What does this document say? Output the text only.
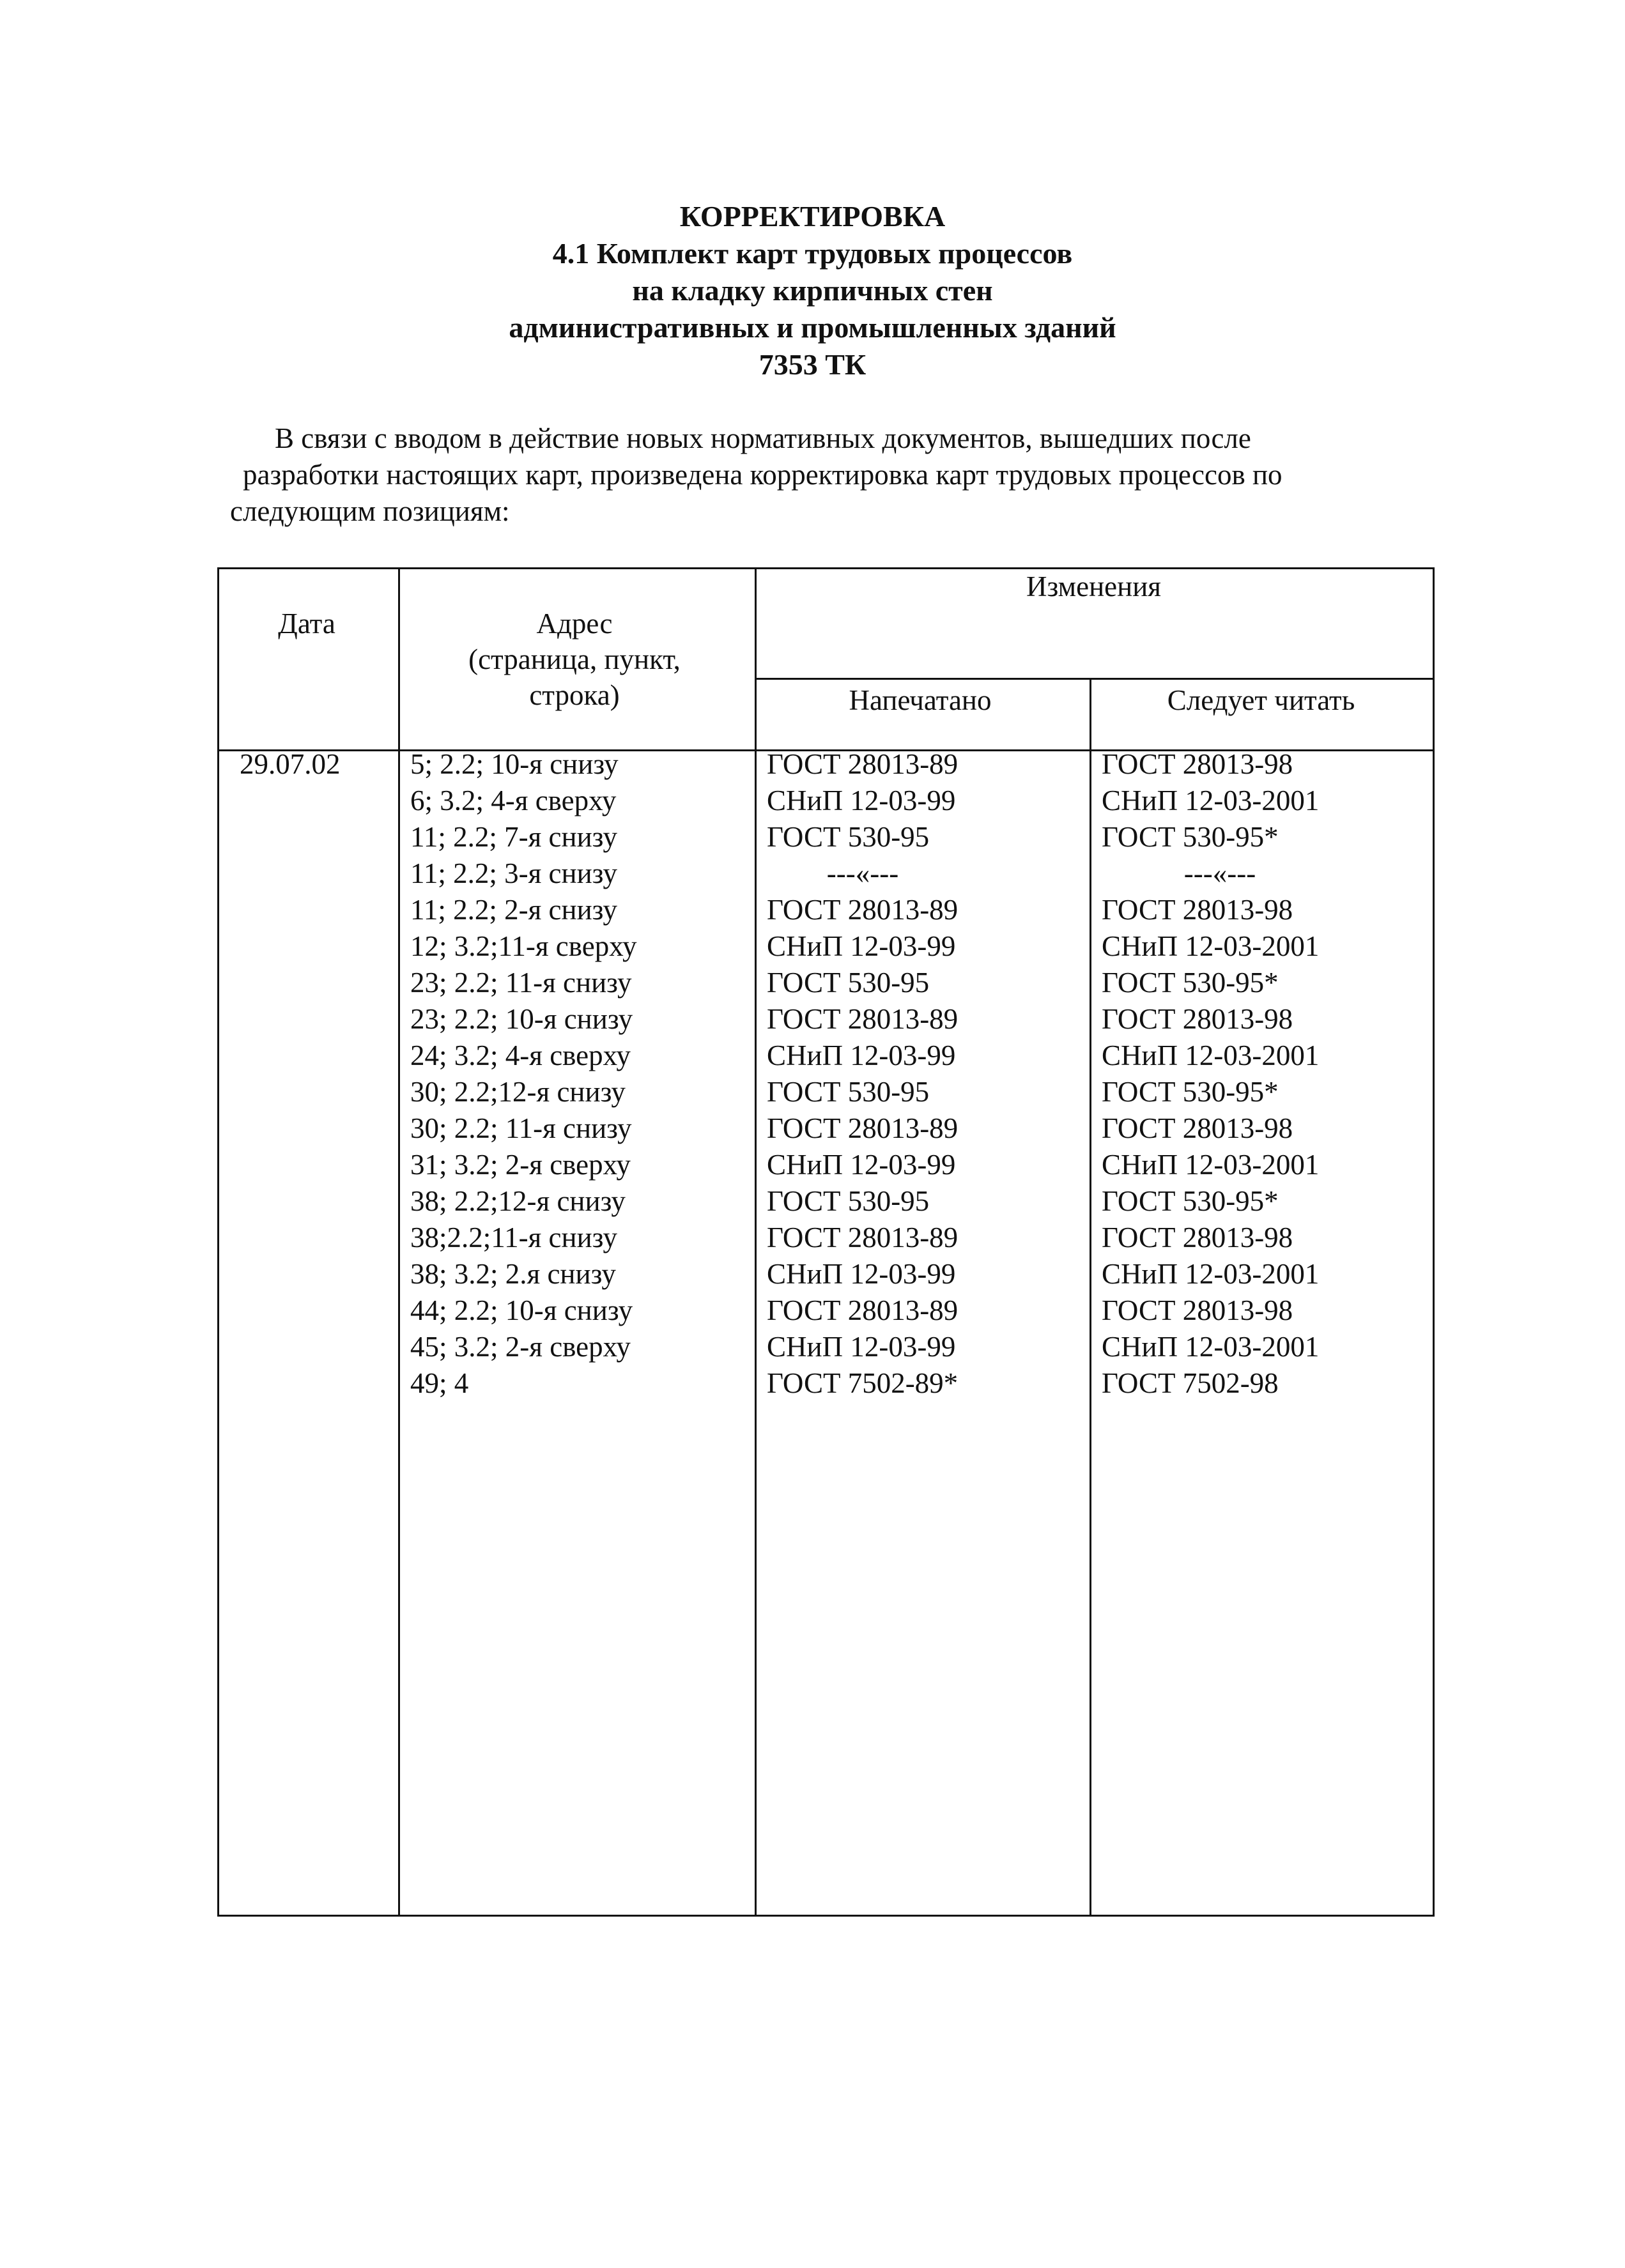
КОРРЕКТИРОВКА
4.1 Комплект карт трудовых процессов
на кладку кирпичных стен
административных и промышленных зданий
7353 ТК
В связи с вводом в действие новых нормативных документов, вышедших после
разработки настоящих карт, произведена корректировка карт трудовых процессов по
следующим позициям:
Дата	Адрес
(страница, пункт,
строка)
Изменения
Напечатано	Следует читать
29.07.02 5; 2.2; 10-я снизу
6; 3.2; 4-я сверху
11; 2.2; 7-я снизу
11; 2.2; 3-я снизу
11; 2.2; 2-я снизу
12; 3.2;11-я сверху
23; 2.2; 11-я снизу
23; 2.2; 10-я снизу
24; 3.2; 4-я сверху
30; 2.2;12-я снизу
30; 2.2; 11-я снизу
31; 3.2; 2-я сверху
38; 2.2;12-я снизу
38;2.2;11-я снизу
38; 3.2; 2.я снизу
44; 2.2; 10-я снизу
45; 3.2; 2-я сверху
49; 4
ГОСТ 28013-89
СНиП 12-03-99
ГОСТ 530-95
---«---
ГОСТ 28013-89
СНиП 12-03-99
ГОСТ 530-95
ГОСТ 28013-89
СНиП 12-03-99
ГОСТ 530-95
ГОСТ 28013-89
СНиП 12-03-99
ГОСТ 530-95
ГОСТ 28013-89
СНиП 12-03-99
ГОСТ 28013-89
СНиП 12-03-99
ГОСТ 7502-89*
ГОСТ 28013-98
СНиП 12-03-2001
ГОСТ 530-95*
---«---
ГОСТ 28013-98
СНиП 12-03-2001
ГОСТ 530-95*
ГОСТ 28013-98
СНиП 12-03-2001
ГОСТ 530-95*
ГОСТ 28013-98
СНиП 12-03-2001
ГОСТ 530-95*
ГОСТ 28013-98
СНиП 12-03-2001
ГОСТ 28013-98
СНиП 12-03-2001
ГОСТ 7502-98
